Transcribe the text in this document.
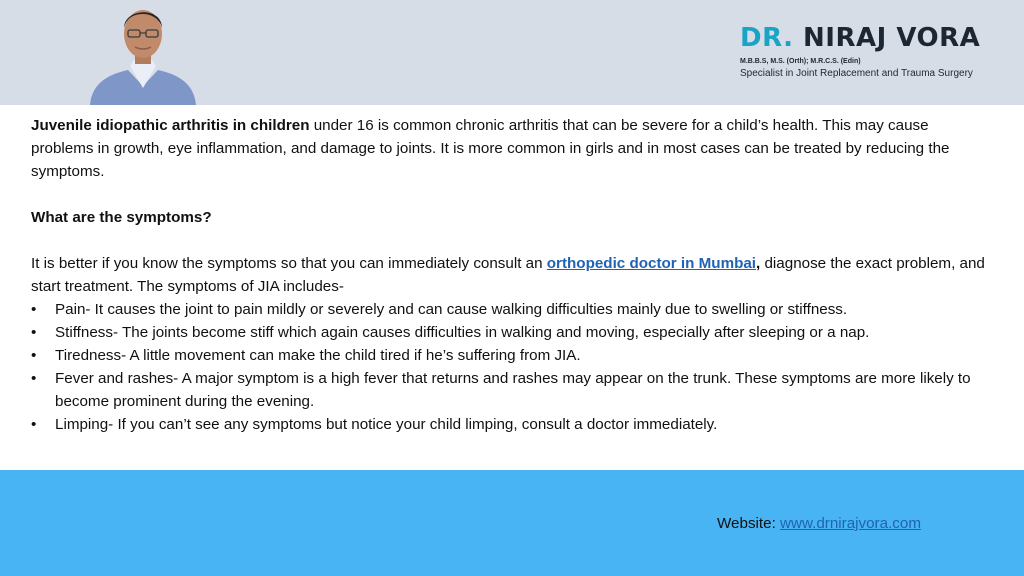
DR. NIRAJ VORA
M.B.B.S, M.S. (Orth); M.R.C.S. (Edin)
Specialist in Joint Replacement and Trauma Surgery

Juvenile idiopathic arthritis in children under 16 is common chronic arthritis that can be severe for a child’s health. This may cause problems in growth, eye inflammation, and damage to joints. It is more common in girls and in most cases can be treated by reducing the symptoms.

What are the symptoms?

It is better if you know the symptoms so that you can immediately consult an orthopedic doctor in Mumbai, diagnose the exact problem, and start treatment. The symptoms of JIA includes-

• Pain- It causes the joint to pain mildly or severely and can cause walking difficulties mainly due to swelling or stiffness.
• Stiffness- The joints become stiff which again causes difficulties in walking and moving, especially after sleeping or a nap.
• Tiredness- A little movement can make the child tired if he’s suffering from JIA.
• Fever and rashes- A major symptom is a high fever that returns and rashes may appear on the trunk. These symptoms are more likely to become prominent during the evening.
• Limping- If you can’t see any symptoms but notice your child limping, consult a doctor immediately.
Website: www.drnirajvora.com
